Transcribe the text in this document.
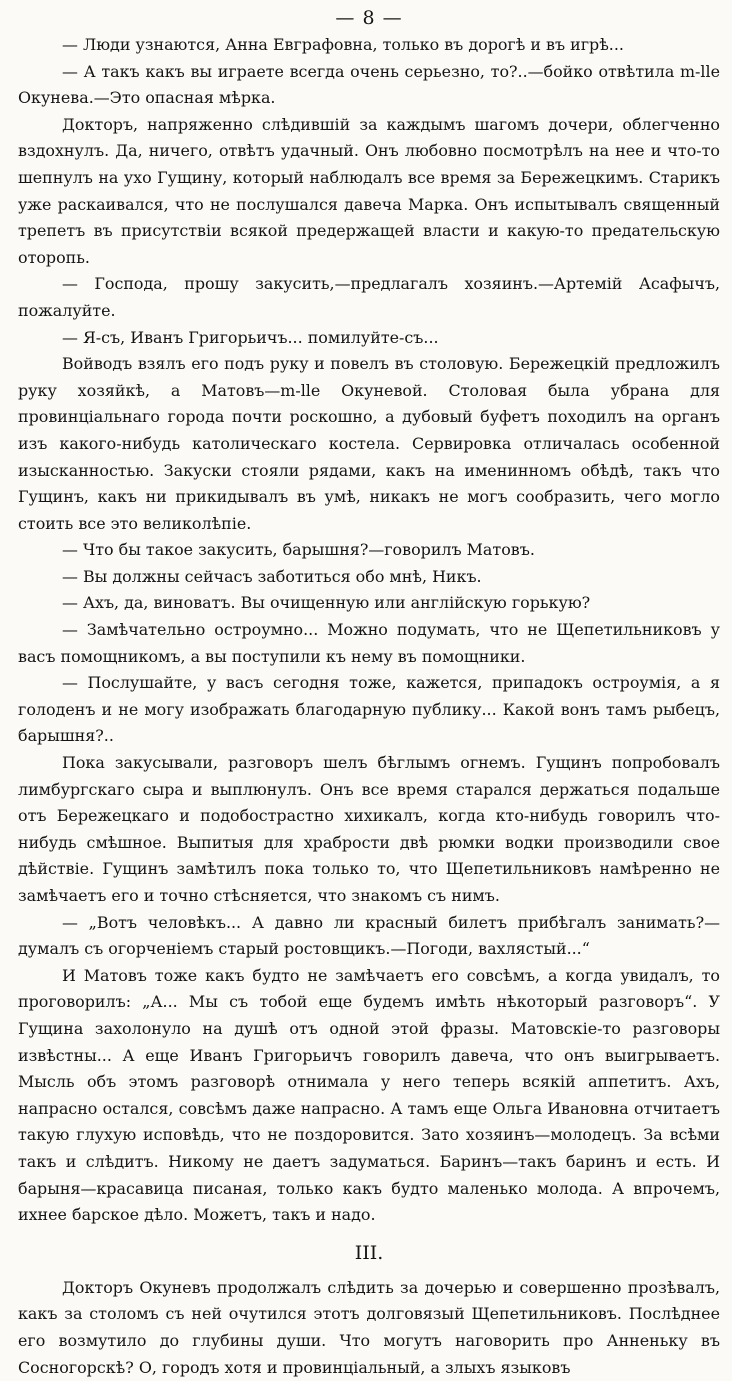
— 8 —

— Люди узнаются, Анна Евграфовна, только въ дорогѣ и въ игрѣ...

— А такъ какъ вы играете всегда очень серьезно, то?..—бойко отвѣтила m-lle Окунева.—Это опасная мѣрка.

Докторъ, напряженно слѣдившій за каждымъ шагомъ дочери, облегченно вздохнулъ. Да, ничего, отвѣтъ удачный. Онъ любовно посмотрѣлъ на нее и что-то шепнулъ на ухо Гущину, который наблюдалъ все время за Бережецкимъ. Старикъ уже раскаивался, что не послушался давеча Марка. Онъ испытывалъ священный трепетъ въ присутствіи всякой предержащей власти и какую-то предательскую оторопь.

— Господа, прошу закусить,—предлагалъ хозяинъ.—Артемій Асафычъ, пожалуйте.

— Я-съ, Иванъ Григорьичъ... помилуйте-съ...

Войводъ взялъ его подъ руку и повелъ въ столовую. Бережецкій предложилъ руку хозяйкѣ, а Матовъ—m-lle Окуневой. Столовая была убрана для провинціальнаго города почти роскошно, а дубовый буфетъ походилъ на органъ изъ какого-нибудь католическаго костела. Сервировка отличалась особенной изысканностью. Закуски стояли рядами, какъ на именинномъ обѣдѣ, такъ что Гущинъ, какъ ни прикидывалъ въ умѣ, никакъ не могъ сообразить, чего могло стоить все это великолѣпіе.

— Что бы такое закусить, барышня?—говорилъ Матовъ.

— Вы должны сейчасъ заботиться обо мнѣ, Никъ.

— Ахъ, да, виноватъ. Вы очищенную или англійскую горькую?

— Замѣчательно остроумно... Можно подумать, что не Щепетильниковъ у васъ помощникомъ, а вы поступили къ нему въ помощники.

— Послушайте, у васъ сегодня тоже, кажется, припадокъ остроумія, а я голоденъ и не могу изображать благодарную публику... Какой вонъ тамъ рыбецъ, барышня?..

Пока закусывали, разговоръ шелъ бѣглымъ огнемъ. Гущинъ попробовалъ лимбургскаго сыра и выплюнулъ. Онъ все время старался держаться подальше отъ Бережецкаго и подобострастно хихикалъ, когда кто-нибудь говорилъ что-нибудь смѣшное. Выпитыя для храбрости двѣ рюмки водки производили свое дѣйствіе. Гущинъ замѣтилъ пока только то, что Щепетильниковъ намѣренно не замѣчаетъ его и точно стѣсняется, что знакомъ съ нимъ.

— „Вотъ человѣкъ... А давно ли красный билетъ прибѣгалъ занимать?—думалъ съ огорченіемъ старый ростовщикъ.—Погоди, вахлястый...“

И Матовъ тоже какъ будто не замѣчаетъ его совсѣмъ, а когда увидалъ, то проговорилъ: „А... Мы съ тобой еще будемъ имѣть нѣкоторый разговоръ“. У Гущина захолонуло на душѣ отъ одной этой фразы. Матовскіе-то разговоры извѣстны... А еще Иванъ Григорьичъ говорилъ давеча, что онъ выигрываетъ. Мысль объ этомъ разговорѣ отнимала у него теперь всякій аппетитъ. Ахъ, напрасно остался, совсѣмъ даже напрасно. А тамъ еще Ольга Ивановна отчитаетъ такую глухую исповѣдь, что не поздоровится. Зато хозяинъ—молодецъ. За всѣми такъ и слѣдитъ. Никому не даетъ задуматься. Баринъ—такъ баринъ и есть. И барыня—красавица писаная, только какъ будто маленько молода. А впрочемъ, ихнее барское дѣло. Можетъ, такъ и надо.

III.

Докторъ Окуневъ продолжалъ слѣдить за дочерью и совершенно прозѣвалъ, какъ за столомъ съ ней очутился этотъ долговязый Щепетильниковъ. Послѣднее его возмутило до глубины души. Что могутъ наговорить про Анненьку въ Сосногорскѣ? О, городъ хотя и провинціальный, а злыхъ языковъ
